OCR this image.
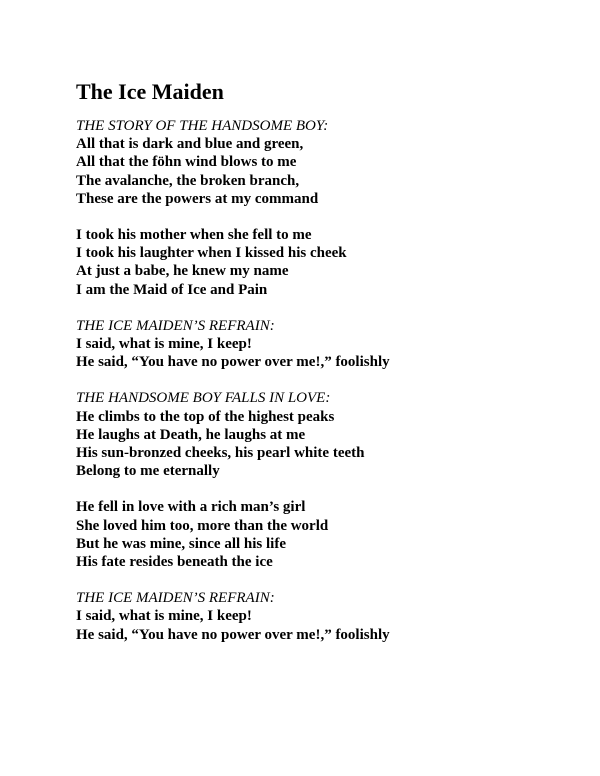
The Ice Maiden
THE STORY OF THE HANDSOME BOY:
All that is dark and blue and green,
All that the föhn wind blows to me
The avalanche, the broken branch,
These are the powers at my command
I took his mother when she fell to me
I took his laughter when I kissed his cheek
At just a babe, he knew my name
I am the Maid of Ice and Pain
THE ICE MAIDEN’S REFRAIN:
I said, what is mine, I keep!
He said, “You have no power over me!,” foolishly
THE HANDSOME BOY FALLS IN LOVE:
He climbs to the top of the highest peaks
He laughs at Death, he laughs at me
His sun-bronzed cheeks, his pearl white teeth
Belong to me eternally
He fell in love with a rich man’s girl
She loved him too, more than the world
But he was mine, since all his life
His fate resides beneath the ice
THE ICE MAIDEN’S REFRAIN:
I said, what is mine, I keep!
He said, “You have no power over me!,” foolishly
